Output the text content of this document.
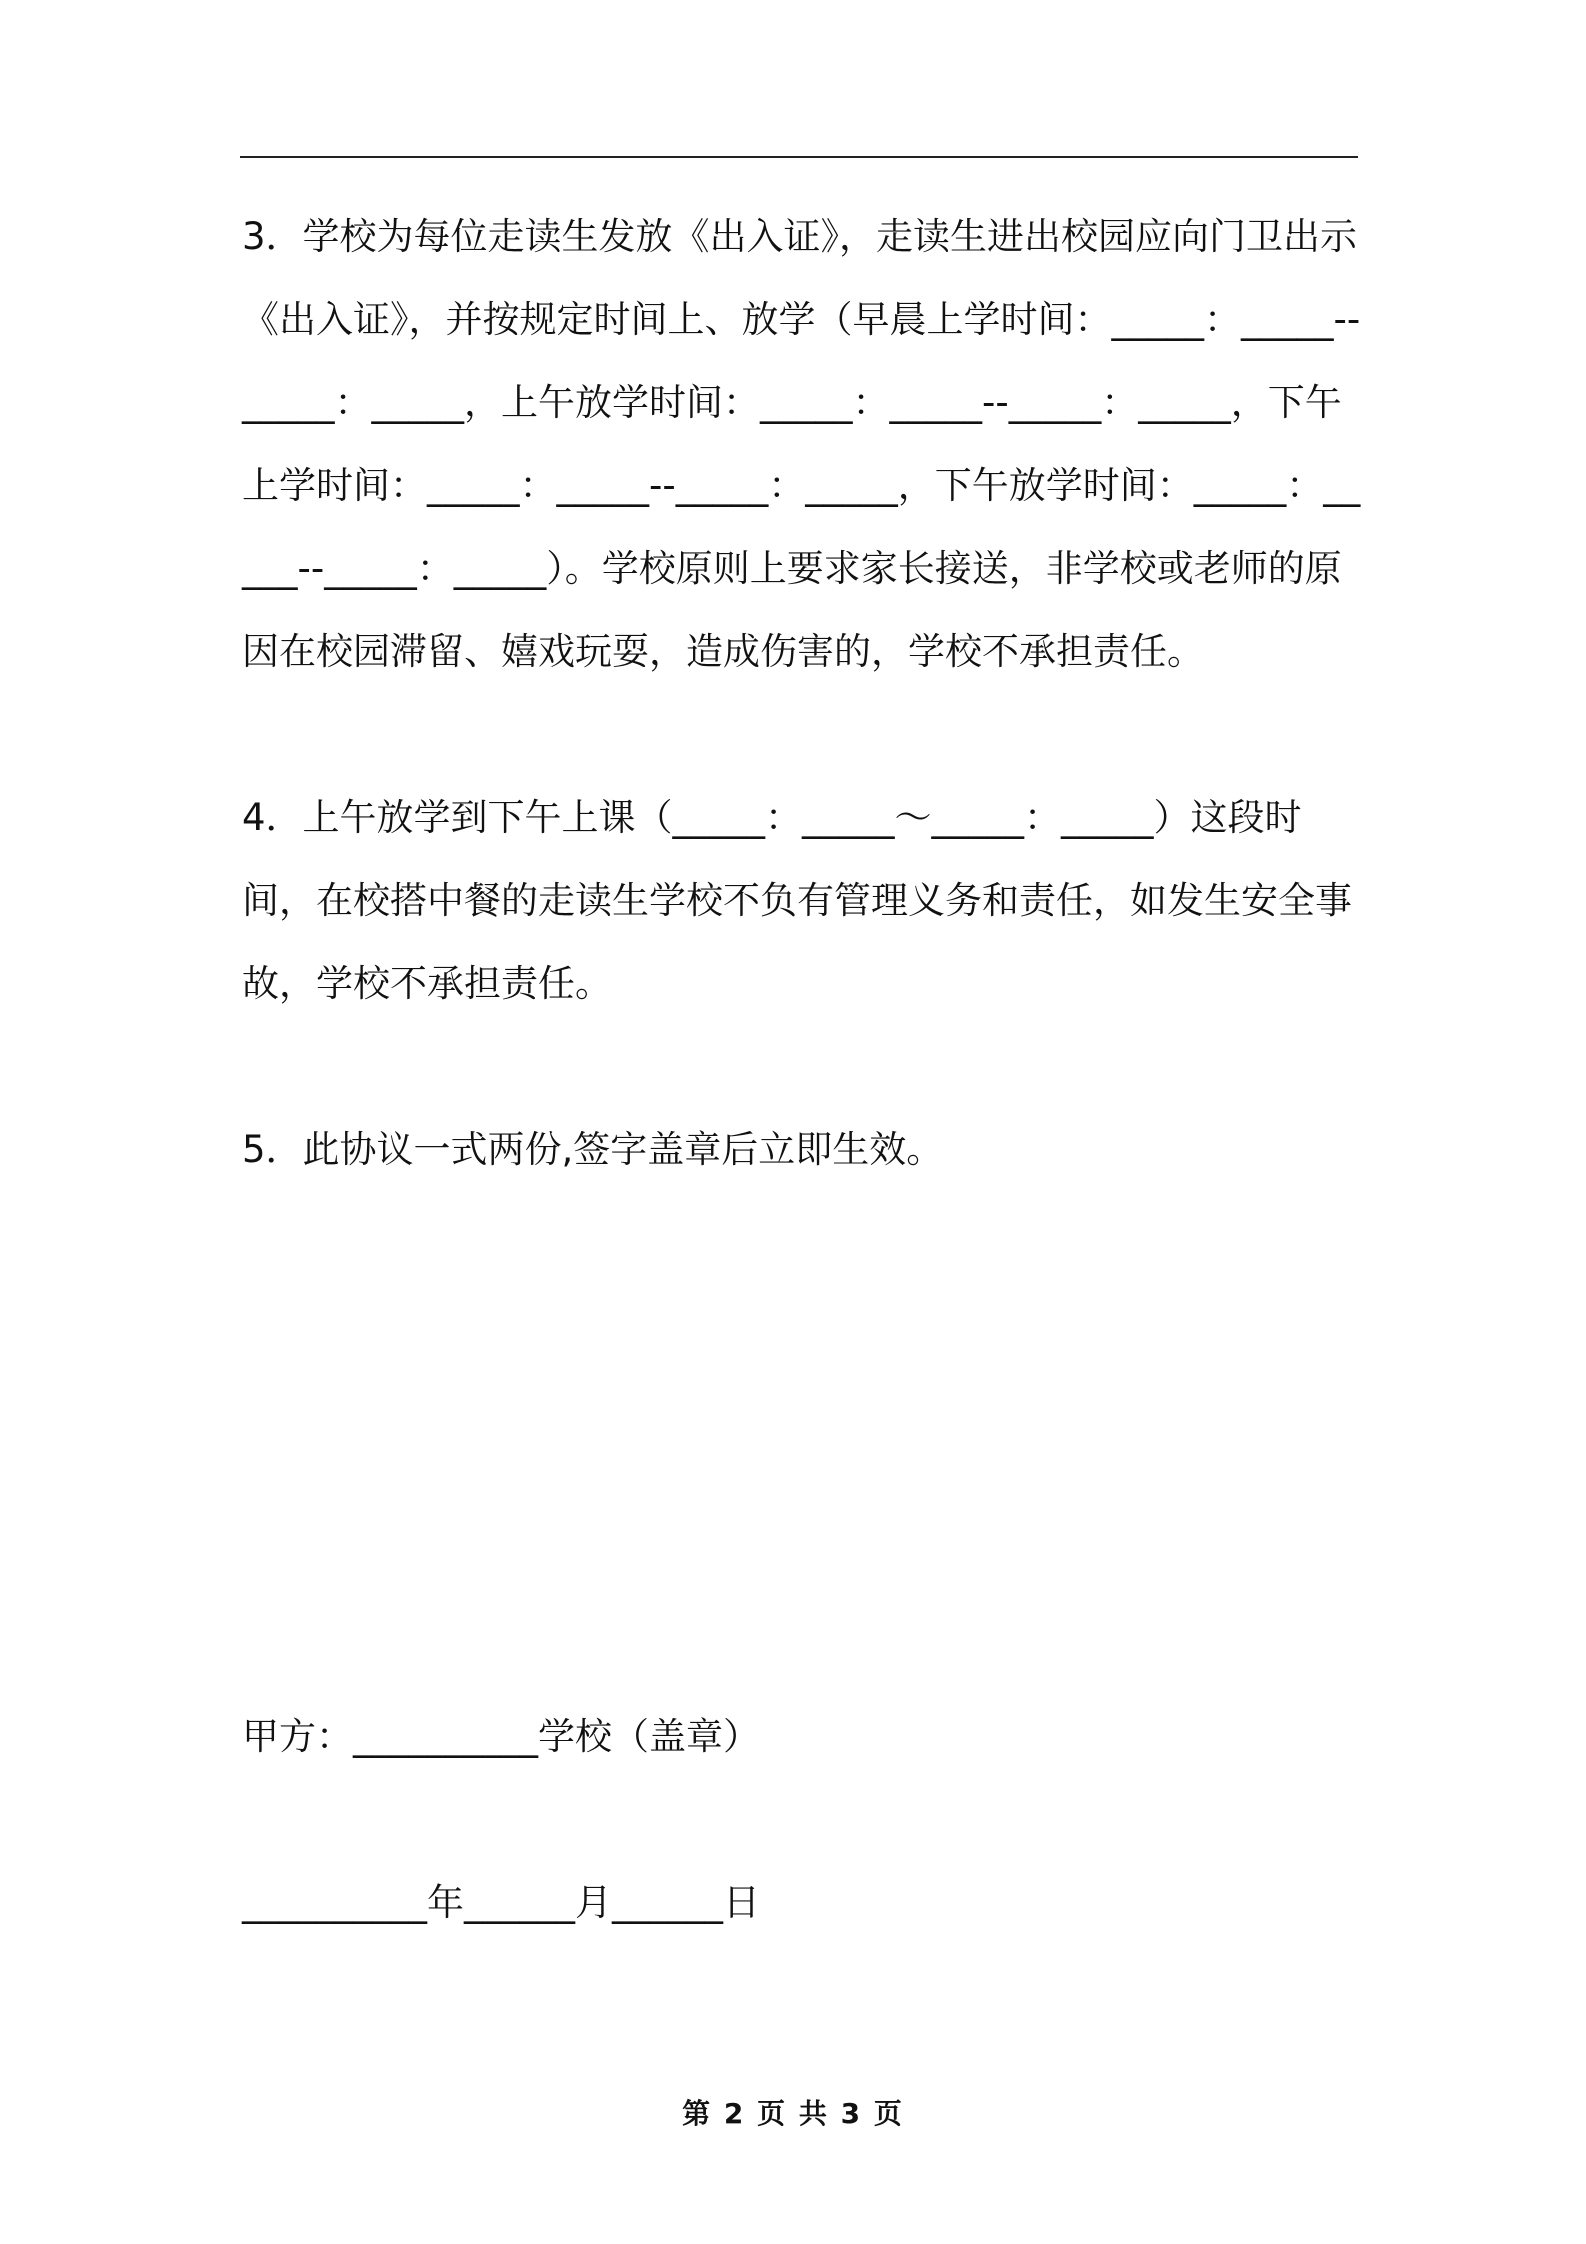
3．学校为每位走读生发放《出入证》，走读生进出校园应向门卫出示《出入证》，并按规定时间上、放学（早晨上学时间：_____：_____--_____：_____，上午放学时间：_____：_____--_____：_____，下午上学时间：_____：_____--_____：_____，下午放学时间：_____：_____--_____：_____）。学校原则上要求家长接送，非学校或老师的原因在校园滞留、嬉戏玩耍，造成伤害的，学校不承担责任。

4．上午放学到下午上课（_____：_____～_____：_____）这段时间，在校搭中餐的走读生学校不负有管理义务和责任，如发生安全事故，学校不承担责任。

5．此协议一式两份,签字盖章后立即生效。

甲方：__________学校（盖章）
__________年______月______日
第 2 页 共 3 页
